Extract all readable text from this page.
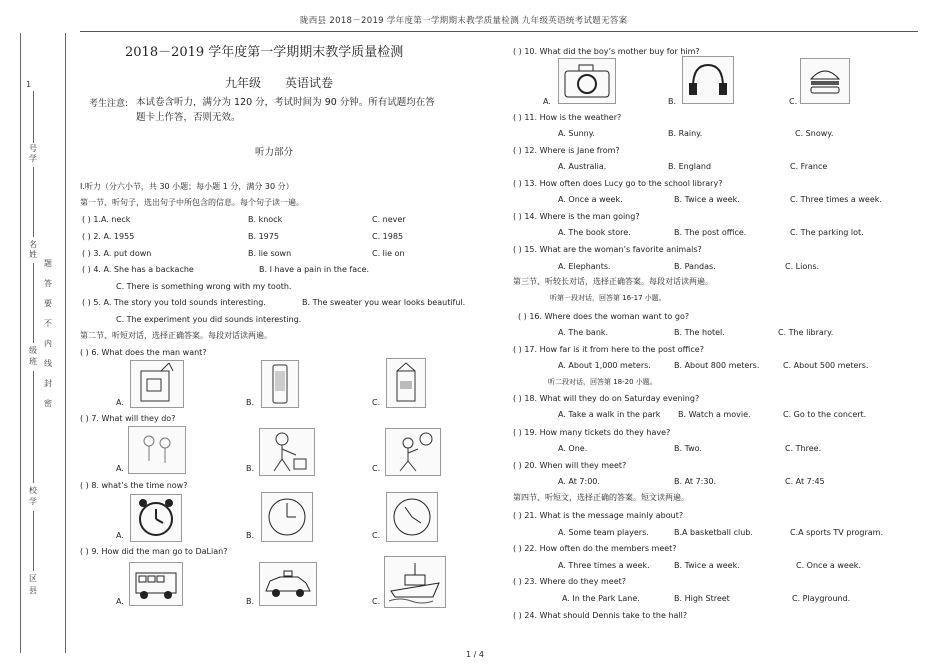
陇西县 2018－2019 学年度第一学期期末教学质量检测 九年级英语统考试题无答案
1
号
学
名
姓
级
班
校
学
区
县
题
答
要
不
内
线
封
密
2018－2019 学年度第一学期期末教学质量检测
九年级 英语试卷
考生注意: 本试卷含听力，满分为 120 分，考试时间为 90 分钟。所有试题均在答
题卡上作答，否则无效。
听力部分
Ⅰ.听力（分六小节，共 30 小题；每小题 1 分，满分 30 分）
第一节、听句子，选出句子中所包含的信息。每个句子读一遍。
( ) 1.A. neck	B. knock	C. never
( ) 2. A. 1955	B. 1975	C. 1985
( ) 3. A. put down	B. lie sown	C. lie on
( ) 4. A. She has a backache	B. I have a pain in the face.
C. There is something wrong with my tooth.
( ) 5. A. The story you told sounds interesting.	B. The sweater you wear looks beautiful.
C. The experiment you did sounds interesting.
第二节、听短对话，选择正确答案。每段对话读两遍。
( ) 6. What does the man want?
A.	B.	C.
( ) 7. What will they do?
A.	B.	C.
( ) 8. what’s the time now?
A.	B.	C.
( ) 9. How did the man go to DaLian?
A.	B.	C.
( ) 10. What did the boy’s mother buy for him?
A.	B.	C.
( ) 11. How is the weather?
A. Sunny.	B. Rainy.	C. Snowy.
( ) 12. Where is Jane from?
A. Australia.	B. England	C. France
( ) 13. How often does Lucy go to the school library?
A. Once a week.	B. Twice a week.	C. Three times a week.
( ) 14. Where is the man going?
A. The book store.	B. The post office.	C. The parking lot.
( ) 15. What are the woman’s favorite animals?
A. Elephants.	B. Pandas.	C. Lions.
第三节、听较长对话，选择正确答案。每段对话读两遍。
听第一段对话，回答第 16-17 小题。
( ) 16. Where does the woman want to go?
A. The bank.	B. The hotel.	C. The library.
( ) 17. How far is it from here to the post office?
A. About 1,000 meters.	B. About 800 meters.	C. About 500 meters.
听二段对话，回答第 18-20 小题。
( ) 18. What will they do on Saturday evening?
A. Take a walk in the park B. Watch a movie.	C. Go to the concert.
( ) 19. How many tickets do they have?
A. One.	B. Two.	C. Three.
( ) 20. When will they meet?
A. At 7:00.	B. At 7:30.	C. At 7:45
第四节、听短文，选择正确的答案。短文读两遍。
( ) 21. What is the message mainly about?
A. Some team players.	B.A basketball club.	C.A sports TV program.
( ) 22. How often do the members meet?
A. Three times a week.	B. Twice a week.	C. Once a week.
( ) 23. Where do they meet?
A. In the Park Lane.	B. High Street	C. Playground.
( ) 24. What should Dennis take to the hall?
1 / 4
